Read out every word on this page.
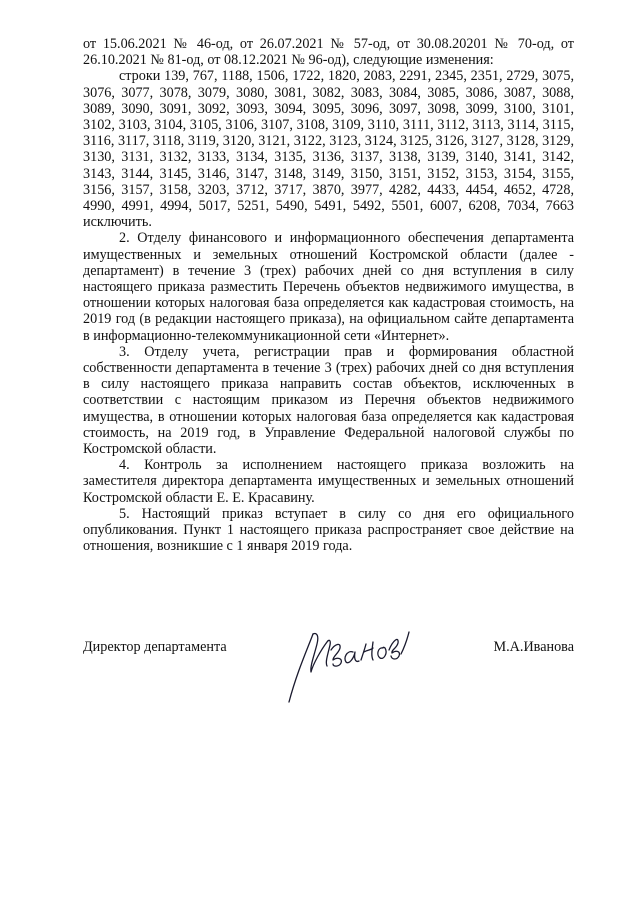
от 15.06.2021 № 46-од, от 26.07.2021 № 57-од, от 30.08.20201 № 70-од, от 26.10.2021 № 81-од, от 08.12.2021 № 96-од), следующие изменения:

строки 139, 767, 1188, 1506, 1722, 1820, 2083, 2291, 2345, 2351, 2729, 3075, 3076, 3077, 3078, 3079, 3080, 3081, 3082, 3083, 3084, 3085, 3086, 3087, 3088, 3089, 3090, 3091, 3092, 3093, 3094, 3095, 3096, 3097, 3098, 3099, 3100, 3101, 3102, 3103, 3104, 3105, 3106, 3107, 3108, 3109, 3110, 3111, 3112, 3113, 3114, 3115, 3116, 3117, 3118, 3119, 3120, 3121, 3122, 3123, 3124, 3125, 3126, 3127, 3128, 3129, 3130, 3131, 3132, 3133, 3134, 3135, 3136, 3137, 3138, 3139, 3140, 3141, 3142, 3143, 3144, 3145, 3146, 3147, 3148, 3149, 3150, 3151, 3152, 3153, 3154, 3155, 3156, 3157, 3158, 3203, 3712, 3717, 3870, 3977, 4282, 4433, 4454, 4652, 4728, 4990, 4991, 4994, 5017, 5251, 5490, 5491, 5492, 5501, 6007, 6208, 7034, 7663 исключить.

2. Отделу финансового и информационного обеспечения департамента имущественных и земельных отношений Костромской области (далее - департамент) в течение 3 (трех) рабочих дней со дня вступления в силу настоящего приказа разместить Перечень объектов недвижимого имущества, в отношении которых налоговая база определяется как кадастровая стоимость, на 2019 год (в редакции настоящего приказа), на официальном сайте департамента в информационно-телекоммуникационной сети «Интернет».

3. Отделу учета, регистрации прав и формирования областной собственности департамента в течение 3 (трех) рабочих дней со дня вступления в силу настоящего приказа направить состав объектов, исключенных в соответствии с настоящим приказом из Перечня объектов недвижимого имущества, в отношении которых налоговая база определяется как кадастровая стоимость, на 2019 год, в Управление Федеральной налоговой службы по Костромской области.

4. Контроль за исполнением настоящего приказа возложить на заместителя директора департамента имущественных и земельных отношений Костромской области Е. Е. Красавину.

5. Настоящий приказ вступает в силу со дня его официального опубликования. Пункт 1 настоящего приказа распространяет свое действие на отношения, возникшие с 1 января 2019 года.

Директор департамента	М.А.Иванова
